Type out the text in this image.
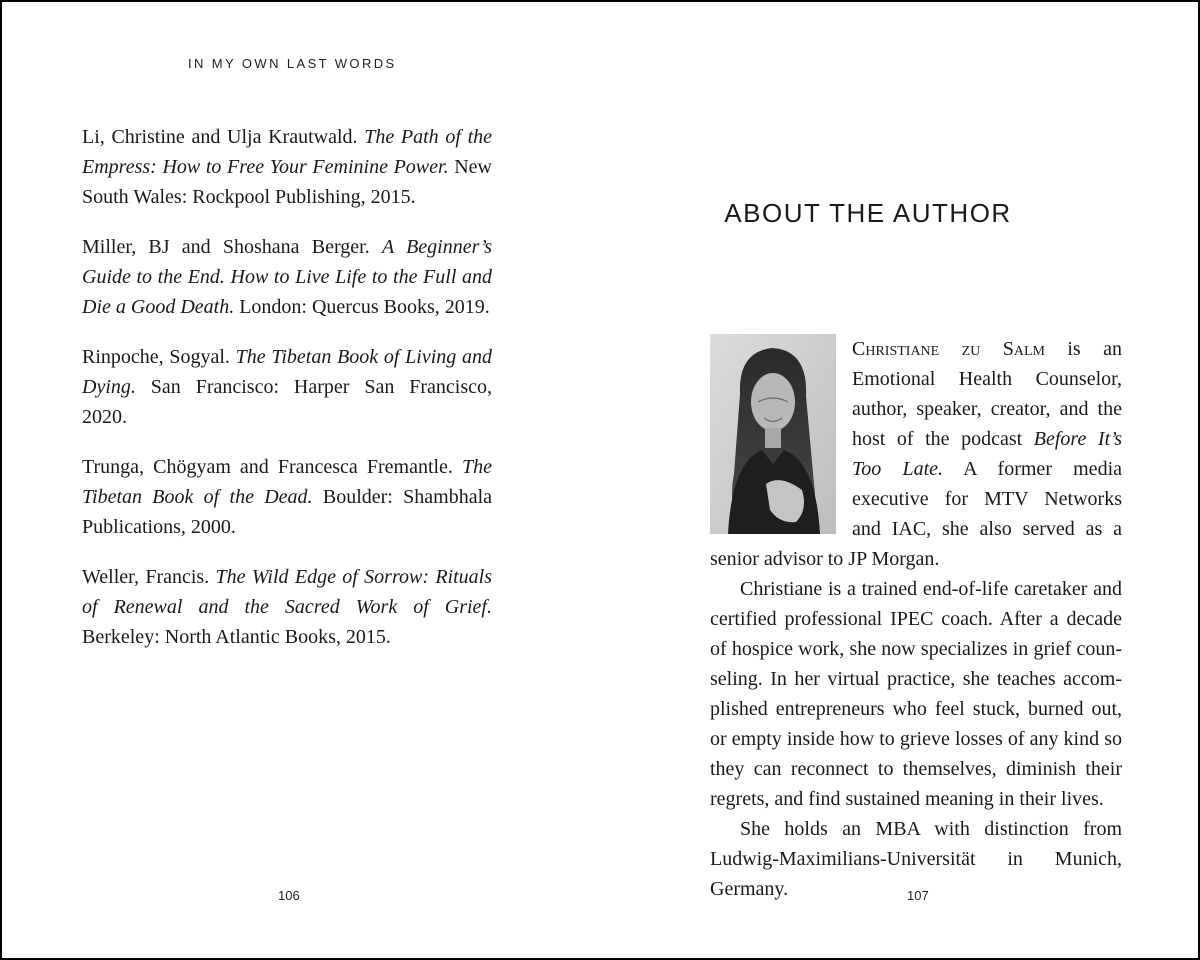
IN MY OWN LAST WORDS

Li, Christine and Ulja Krautwald. The Path of the Empress: How to Free Your Feminine Power. New South Wales: Rockpool Publishing, 2015.

Miller, BJ and Shoshana Berger. A Beginner’s Guide to the End. How to Live Life to the Full and Die a Good Death. London: Quercus Books, 2019.

Rinpoche, Sogyal. The Tibetan Book of Living and Dying. San Francisco: Harper San Francisco, 2020.

Trunga, Chögyam and Francesca Fremantle. The Tibetan Book of the Dead. Boulder: Shambhala Publications, 2000.

Weller, Francis. The Wild Edge of Sorrow: Rituals of Renewal and the Sacred Work of Grief. Berkeley: North Atlantic Books, 2015.

106
ABOUT THE AUTHOR

Christiane zu Salm is an Emotional Health Counselor, author, speaker, creator, and the host of the podcast Before It’s Too Late. A former media executive for MTV Networks and IAC, she also served as a senior advisor to JP Morgan.

Christiane is a trained end-of-life caretaker and certified professional IPEC coach. After a decade of hospice work, she now specializes in grief counseling. In her virtual practice, she teaches accomplished entrepreneurs who feel stuck, burned out, or empty inside how to grieve losses of any kind so they can reconnect to themselves, diminish their regrets, and find sustained meaning in their lives.

She holds an MBA with distinction from Ludwig-Maximilians-Universität in Munich, Germany.	107
